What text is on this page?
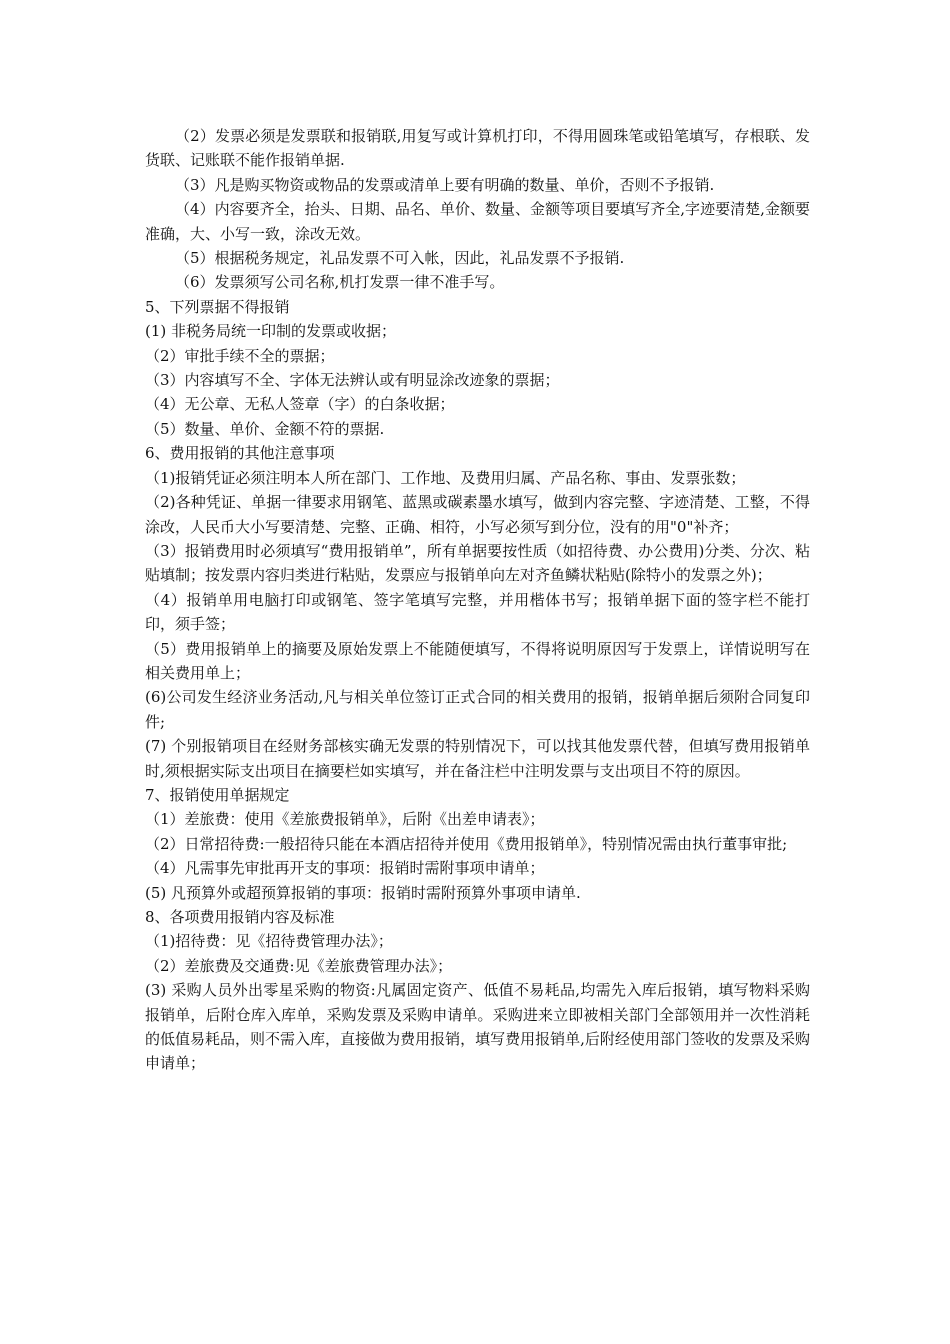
（2）发票必须是发票联和报销联,用复写或计算机打印，不得用圆珠笔或铅笔填写，存根联、发货联、记账联不能作报销单据.

（3）凡是购买物资或物品的发票或清单上要有明确的数量、单价，否则不予报销.

（4）内容要齐全，抬头、日期、品名、单价、数量、金额等项目要填写齐全,字迹要清楚,金额要准确，大、小写一致，涂改无效。

（5）根据税务规定，礼品发票不可入帐，因此，礼品发票不予报销.

（6）发票须写公司名称,机打发票一律不准手写。

5、下列票据不得报销

(1) 非税务局统一印制的发票或收据；

（2）审批手续不全的票据；

（3）内容填写不全、字体无法辨认或有明显涂改迹象的票据；

（4）无公章、无私人签章（字）的白条收据；

（5）数量、单价、金额不符的票据.

6、费用报销的其他注意事项

（1)报销凭证必须注明本人所在部门、工作地、及费用归属、产品名称、事由、发票张数；

（2)各种凭证、单据一律要求用钢笔、蓝黑或碳素墨水填写，做到内容完整、字迹清楚、工整，不得涂改，人民币大小写要清楚、完整、正确、相符，小写必须写到分位，没有的用"0"补齐；

（3）报销费用时必须填写“费用报销单”，所有单据要按性质（如招待费、办公费用)分类、分次、粘贴填制；按发票内容归类进行粘贴，发票应与报销单向左对齐鱼鳞状粘贴(除特小的发票之外)；

（4）报销单用电脑打印或钢笔、签字笔填写完整，并用楷体书写；报销单据下面的签字栏不能打印，须手签；

（5）费用报销单上的摘要及原始发票上不能随便填写，不得将说明原因写于发票上，详情说明写在相关费用单上；

(6)公司发生经济业务活动,凡与相关单位签订正式合同的相关费用的报销，报销单据后须附合同复印件;

(7) 个别报销项目在经财务部核实确无发票的特别情况下，可以找其他发票代替，但填写费用报销单时,须根据实际支出项目在摘要栏如实填写，并在备注栏中注明发票与支出项目不符的原因。

7、报销使用单据规定

（1）差旅费：使用《差旅费报销单》，后附《出差申请表》；

（2）日常招待费:一般招待只能在本酒店招待并使用《费用报销单》，特别情况需由执行董事审批;

（4）凡需事先审批再开支的事项：报销时需附事项申请单；

(5) 凡预算外或超预算报销的事项：报销时需附预算外事项申请单.

8、各项费用报销内容及标准

（1)招待费：见《招待费管理办法》；

（2）差旅费及交通费:见《差旅费管理办法》；

(3) 采购人员外出零星采购的物资:凡属固定资产、低值不易耗品,均需先入库后报销，填写物料采购报销单，后附仓库入库单，采购发票及采购申请单。采购进来立即被相关部门全部领用并一次性消耗的低值易耗品，则不需入库，直接做为费用报销，填写费用报销单,后附经使用部门签收的发票及采购申请单；
